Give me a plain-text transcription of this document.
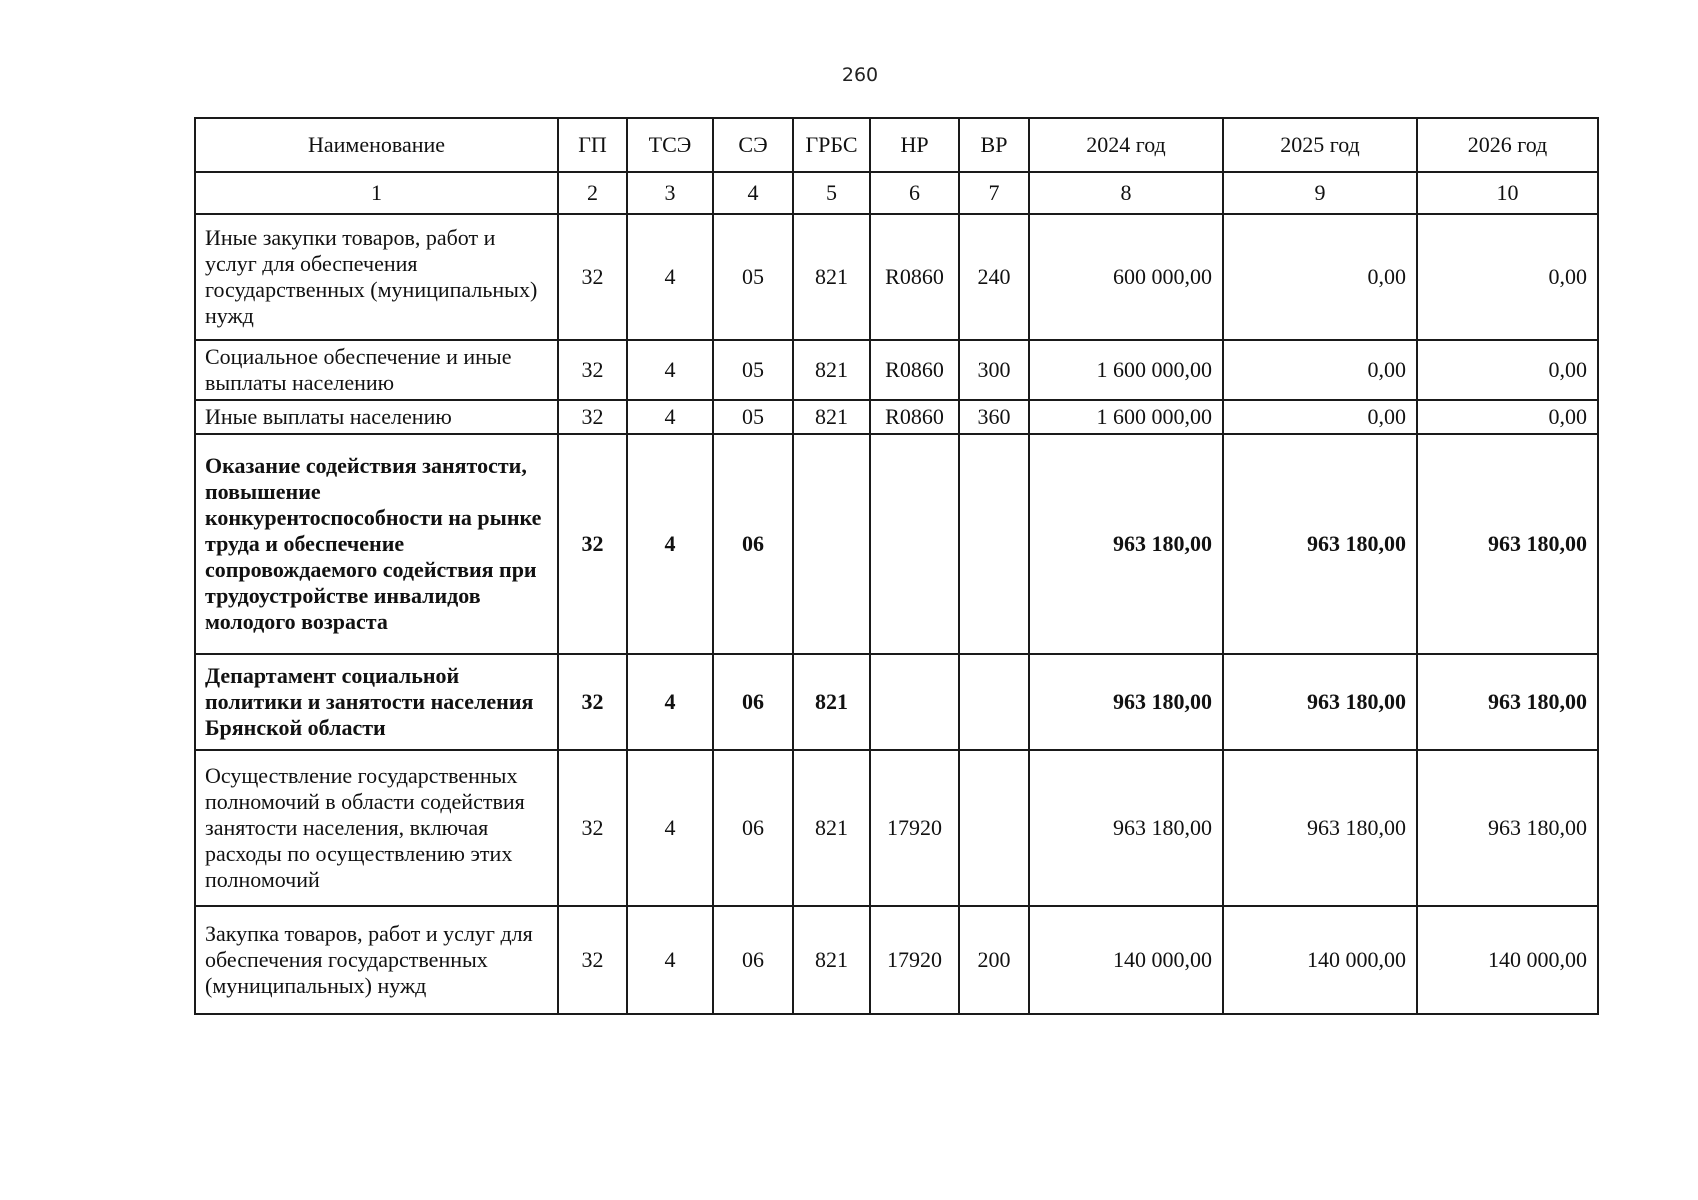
260
Наименование	ГП	ТСЭ	СЭ	ГРБС	НР	ВР	2024 год	2025 год	2026 год
1	2	3	4	5	6	7	8	9	10
Иные закупки товаров, работ и услуг для обеспечения государственных (муниципальных) нужд	32	4	05	821	R0860	240	600 000,00	0,00	0,00
Социальное обеспечение и иные выплаты населению	32	4	05	821	R0860	300	1 600 000,00	0,00	0,00
Иные выплаты населению	32	4	05	821	R0860	360	1 600 000,00	0,00	0,00
Оказание содействия занятости, повышение конкурентоспособности на рынке труда и обеспечение сопровождаемого содействия при трудоустройстве инвалидов молодого возраста	32	4	06				963 180,00	963 180,00	963 180,00
Департамент социальной политики и занятости населения Брянской области	32	4	06	821			963 180,00	963 180,00	963 180,00
Осуществление государственных полномочий в области содействия занятости населения, включая расходы по осуществлению этих полномочий	32	4	06	821	17920		963 180,00	963 180,00	963 180,00
Закупка товаров, работ и услуг для обеспечения государственных (муниципальных) нужд	32	4	06	821	17920	200	140 000,00	140 000,00	140 000,00
